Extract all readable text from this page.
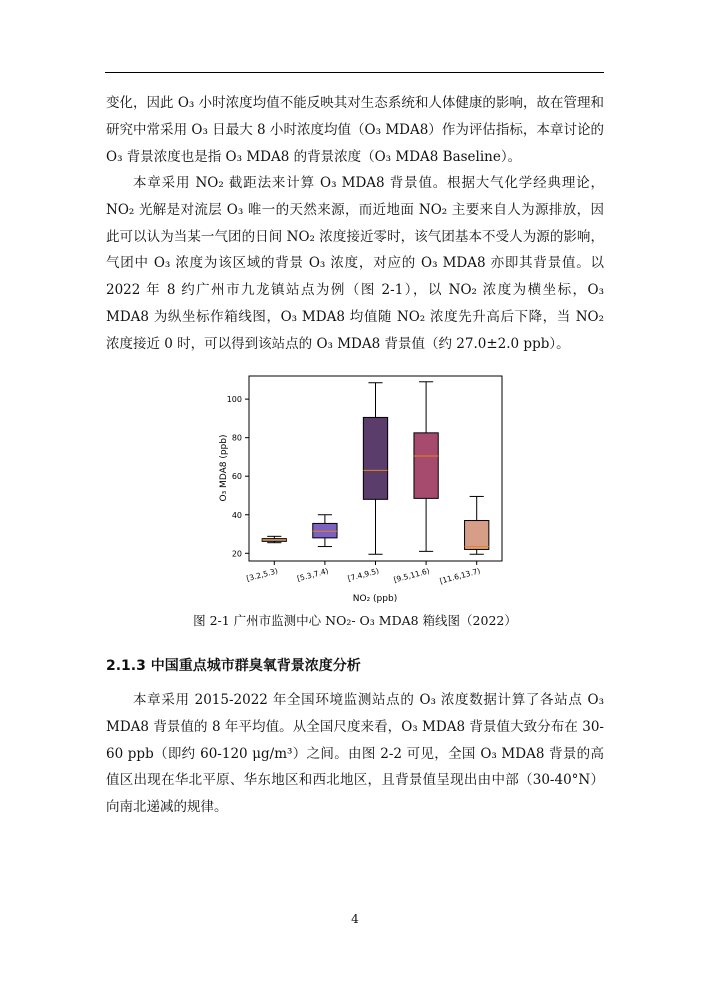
变化，因此 O₃ 小时浓度均值不能反映其对生态系统和人体健康的影响，故在管理和研究中常采用 O₃ 日最大 8 小时浓度均值（O₃ MDA8）作为评估指标，本章讨论的 O₃ 背景浓度也是指 O₃ MDA8 的背景浓度（O₃ MDA8 Baseline）。

本章采用 NO₂ 截距法来计算 O₃ MDA8 背景值。根据大气化学经典理论，NO₂ 光解是对流层 O₃ 唯一的天然来源，而近地面 NO₂ 主要来自人为源排放，因此可以认为当某一气团的日间 NO₂ 浓度接近零时，该气团基本不受人为源的影响，气团中 O₃ 浓度为该区域的背景 O₃ 浓度，对应的 O₃ MDA8 亦即其背景值。以 2022 年 8 约广州市九龙镇站点为例（图 2-1），以 NO₂ 浓度为横坐标，O₃ MDA8 为纵坐标作箱线图，O₃ MDA8 均值随 NO₂ 浓度先升高后下降，当 NO₂ 浓度接近 0 时，可以得到该站点的 O₃ MDA8 背景值（约 27.0±2.0 ppb）。

20
40
60
80
100
[3.2,5.3) [5.3,7.4) [7.4,9.5) [9.5,11.6) [11.6,13.7)
O₃ MDA8 (ppb)
NO₂ (ppb)
图 2-1 广州市监测中心 NO₂- O₃ MDA8 箱线图（2022）
2.1.3 中国重点城市群臭氧背景浓度分析

本章采用 2015-2022 年全国环境监测站点的 O₃ 浓度数据计算了各站点 O₃ MDA8 背景值的 8 年平均值。从全国尺度来看，O₃ MDA8 背景值大致分布在 30-60 ppb（即约 60-120 μg/m³）之间。由图 2-2 可见，全国 O₃ MDA8 背景的高值区出现在华北平原、华东地区和西北地区，且背景值呈现出由中部（30-40°N）向南北递减的规律。

4
